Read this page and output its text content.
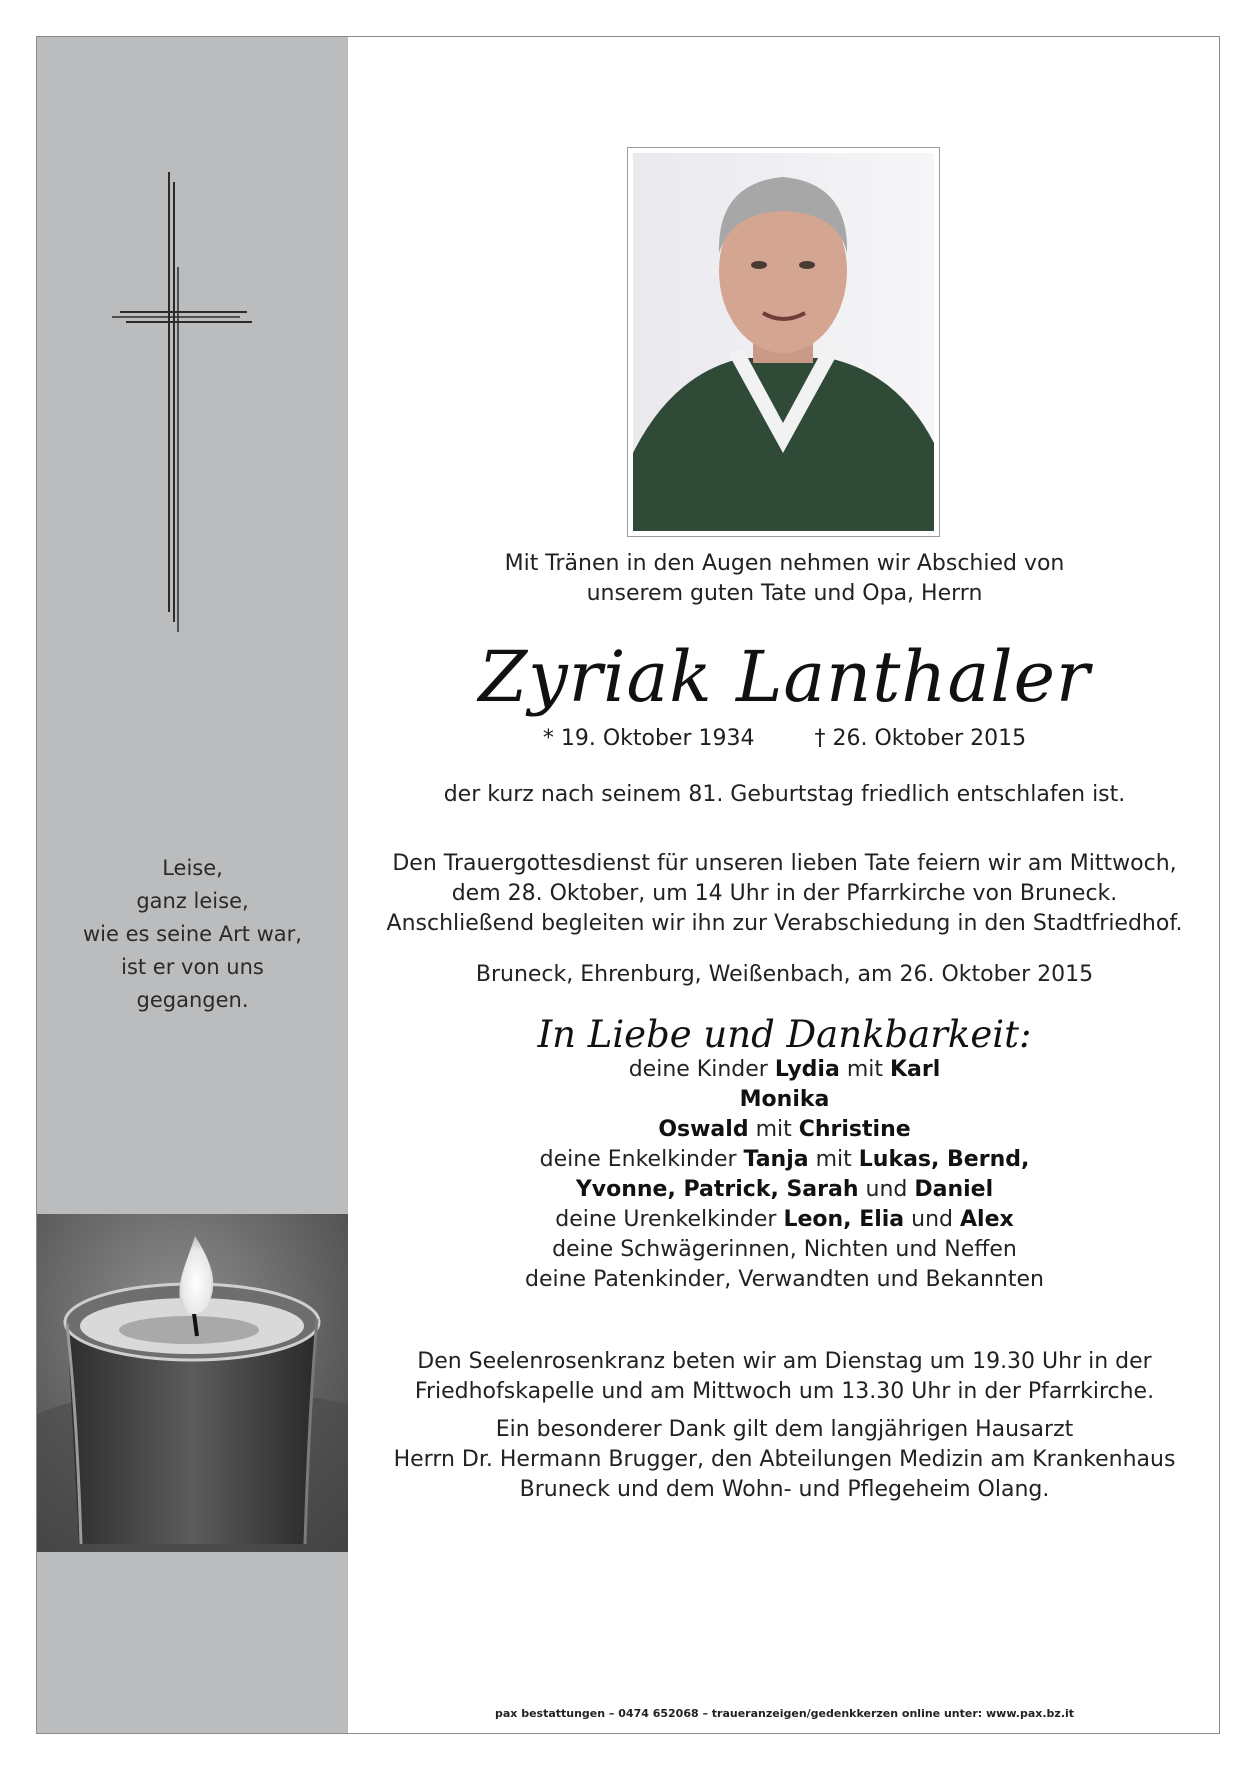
Leise,
ganz leise,
wie es seine Art war,
ist er von uns
gegangen.
Mit Tränen in den Augen nehmen wir Abschied von
unserem guten Tate und Opa, Herrn
Zyriak Lanthaler
* 19. Oktober 1934	† 26. Oktober 2015
der kurz nach seinem 81. Geburtstag friedlich entschlafen ist.
Den Trauergottesdienst für unseren lieben Tate feiern wir am Mittwoch,
dem 28. Oktober, um 14 Uhr in der Pfarrkirche von Bruneck.
Anschließend begleiten wir ihn zur Verabschiedung in den Stadtfriedhof.
Bruneck, Ehrenburg, Weißenbach, am 26. Oktober 2015
In Liebe und Dankbarkeit:
deine Kinder Lydia mit Karl
Monika
Oswald mit Christine
deine Enkelkinder Tanja mit Lukas, Bernd,
Yvonne, Patrick, Sarah und Daniel
deine Urenkelkinder Leon, Elia und Alex
deine Schwägerinnen, Nichten und Neffen
deine Patenkinder, Verwandten und Bekannten
Den Seelenrosenkranz beten wir am Dienstag um 19.30 Uhr in der
Friedhofskapelle und am Mittwoch um 13.30 Uhr in der Pfarrkirche.
Ein besonderer Dank gilt dem langjährigen Hausarzt
Herrn Dr. Hermann Brugger, den Abteilungen Medizin am Krankenhaus
Bruneck und dem Wohn- und Pflegeheim Olang.
pax bestattungen – 0474 652068 – traueranzeigen/gedenkkerzen online unter: www.pax.bz.it
